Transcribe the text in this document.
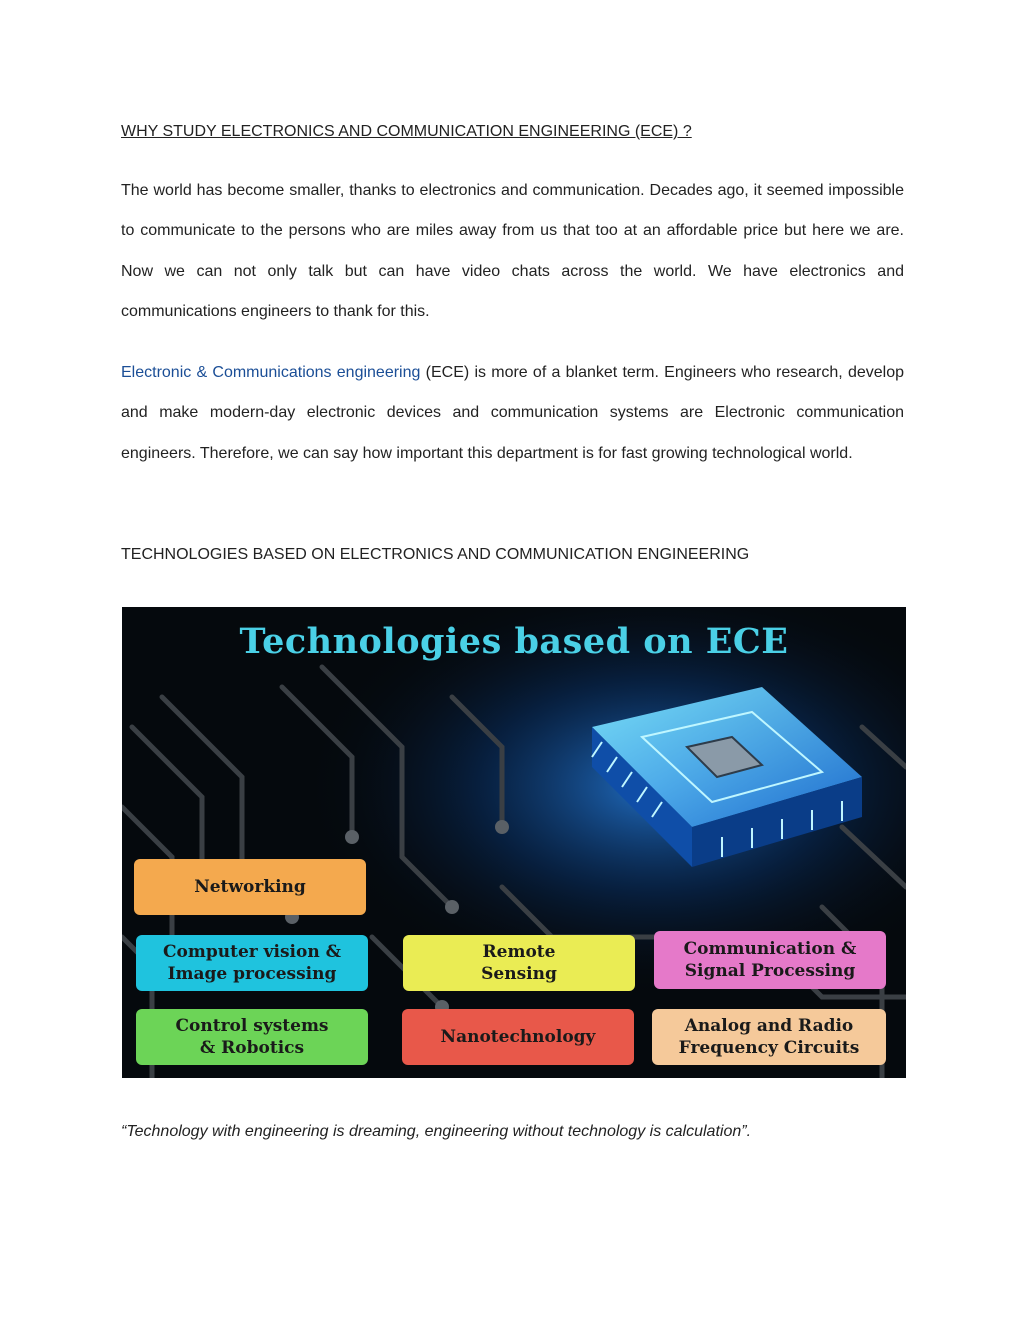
WHY STUDY ELECTRONICS AND COMMUNICATION ENGINEERING (ECE) ?

The world has become smaller, thanks to electronics and communication. Decades ago, it seemed impossible to communicate to the persons who are miles away from us that too at an affordable price but here we are. Now we can not only talk but can have video chats across the world. We have electronics and communications engineers to thank for this.

Electronic & Communications engineering (ECE) is more of a blanket term. Engineers who research, develop and make modern-day electronic devices and communication systems are Electronic communication engineers. Therefore, we can say how important this department is for fast growing technological world.

TECHNOLOGIES BASED ON ELECTRONICS AND COMMUNICATION ENGINEERING
Technologies based on ECE
Networking
Computer vision &
Image processing
Remote
Sensing
Communication &
Signal Processing
Control systems
& Robotics
Nanotechnology
Analog and Radio
Frequency Circuits
“Technology with engineering is dreaming, engineering without technology is calculation”.
